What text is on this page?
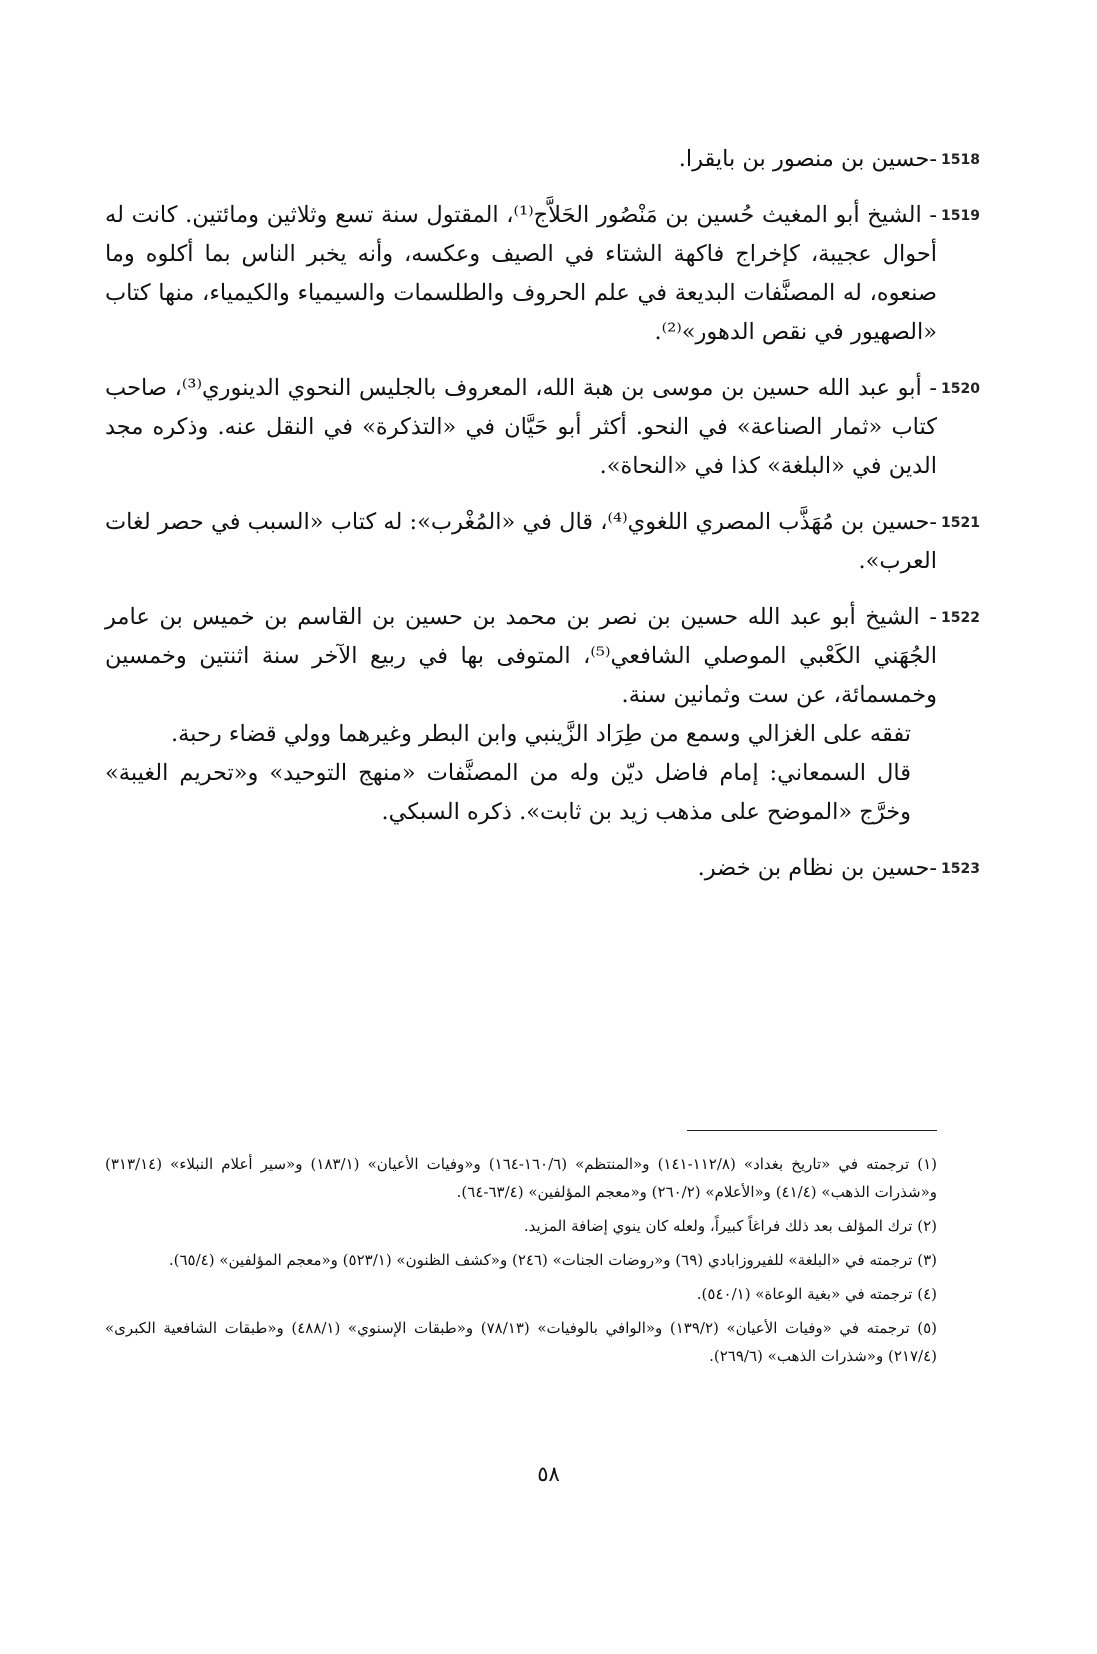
1518

-حسين بن منصور بن بايقرا.

1519

- الشيخ أبو المغيث حُسين بن مَنْصُور الحَلاَّج⁽¹⁾، المقتول سنة تسع وثلاثين ومائتين. كانت له أحوال عجيبة، كإخراج فاكهة الشتاء في الصيف وعكسه، وأنه يخبر الناس بما أكلوه وما صنعوه، له المصنَّفات البديعة في علم الحروف والطلسمات والسيمياء والكيمياء، منها كتاب «الصهيور في نقص الدهور»⁽²⁾.

1520

- أبو عبد الله حسين بن موسى بن هبة الله، المعروف بالجليس النحوي الدينوري⁽³⁾، صاحب كتاب «ثمار الصناعة» في النحو. أكثر أبو حَيَّان في «التذكرة» في النقل عنه. وذكره مجد الدين في «البلغة» كذا في «النحاة».

1521

-حسين بن مُهَذَّب المصري اللغوي⁽⁴⁾، قال في «المُغْرب»: له كتاب «السبب في حصر لغات العرب».

1522

- الشيخ أبو عبد الله حسين بن نصر بن محمد بن حسين بن القاسم بن خميس بن عامر الجُهَني الكَعْبي الموصلي الشافعي⁽⁵⁾، المتوفى بها في ربيع الآخر سنة اثنتين وخمسين وخمسمائة، عن ست وثمانين سنة.

تفقه على الغزالي وسمع من طِرَاد الزَّينبي وابن البطر وغيرهما وولي قضاء رحبة.

قال السمعاني: إمام فاضل ديّن وله من المصنَّفات «منهج التوحيد» و«تحريم الغيبة» وخرَّج «الموضح على مذهب زيد بن ثابت». ذكره السبكي.

1523

-حسين بن نظام بن خضر.

(١) ترجمته في «تاريخ بغداد» (١١٢/٨-١٤١) و«المنتظم» (١٦٠/٦-١٦٤) و«وفيات الأعيان» (١٨٣/١) و«سير أعلام النبلاء» (٣١٣/١٤) و«شذرات الذهب» (٤١/٤) و«الأعلام» (٢٦٠/٢) و«معجم المؤلفين» (٦٣/٤-٦٤).

(٢) ترك المؤلف بعد ذلك فراغاً كبيراً، ولعله كان ينوي إضافة المزيد.

(٣) ترجمته في «البلغة» للفيروزابادي (٦٩) و«روضات الجنات» (٢٤٦) و«كشف الظنون» (٥٢٣/١) و«معجم المؤلفين» (٦٥/٤).

(٤) ترجمته في «بغية الوعاة» (٥٤٠/١).

(٥) ترجمته في «وفيات الأعيان» (١٣٩/٢) و«الوافي بالوفيات» (٧٨/١٣) و«طبقات الإسنوي» (٤٨٨/١) و«طبقات الشافعية الكبرى» (٢١٧/٤) و«شذرات الذهب» (٢٦٩/٦).

٥٨
